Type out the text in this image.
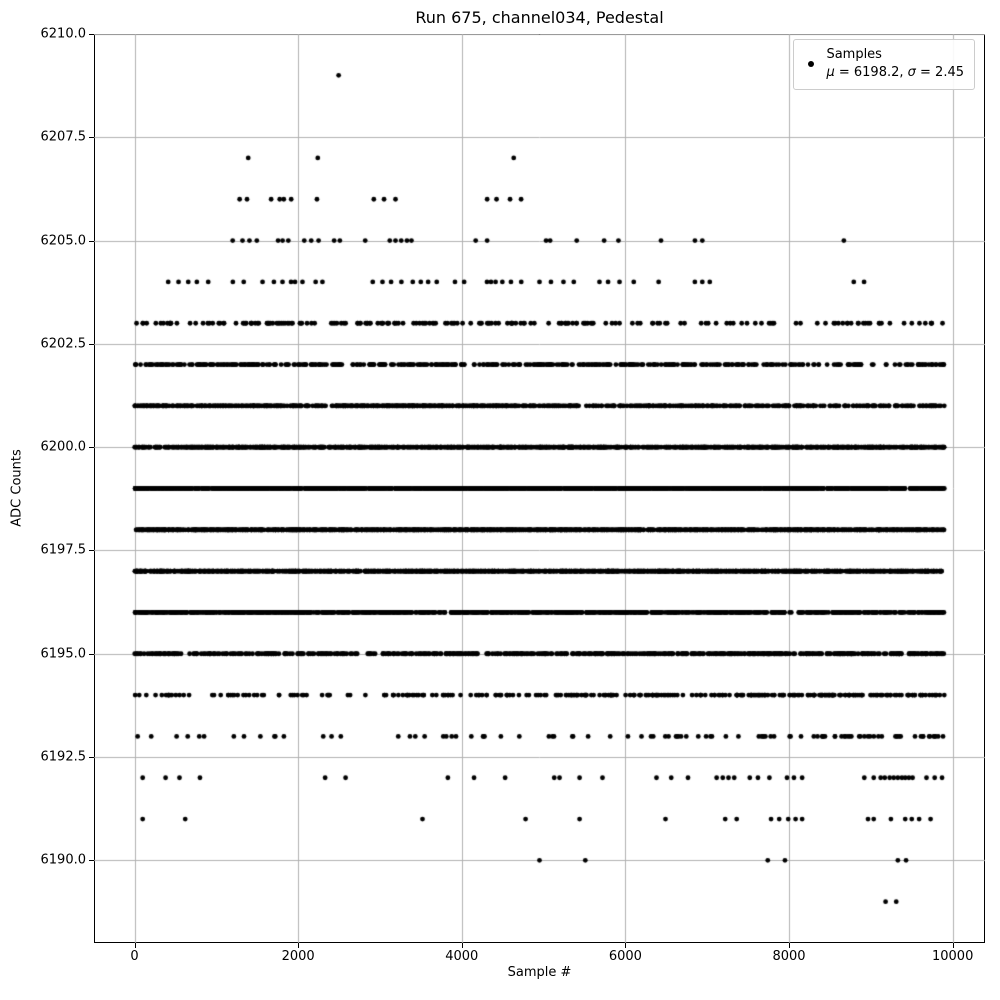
Run 675, channel034, Pedestal
0	2000	4000	6000	8000	10000
6190.0
6192.5
6195.0
6197.5
6200.0
6202.5
6205.0
6207.5
6210.0
Sample #
ADC Counts
Samples
μ = 6198.2, σ = 2.45
